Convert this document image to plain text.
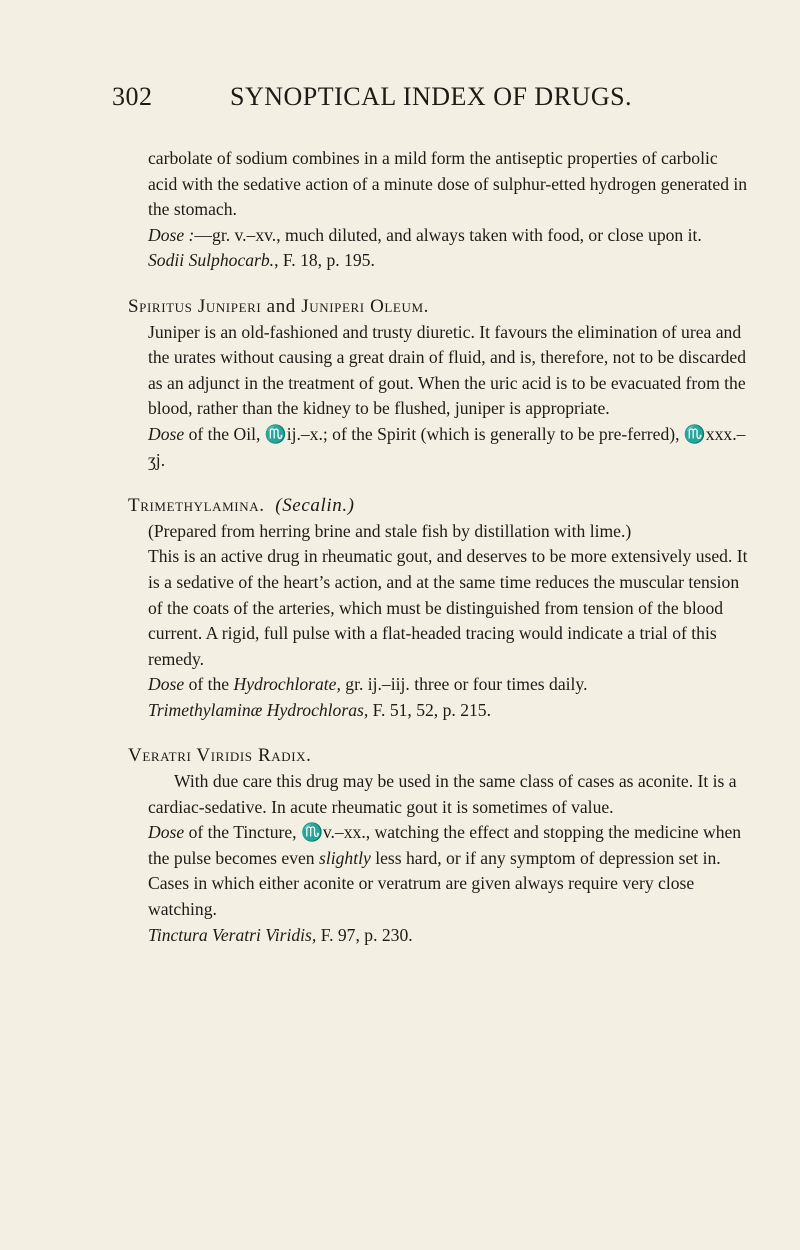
302	SYNOPTICAL INDEX OF DRUGS.

carbolate of sodium combines in a mild form the antiseptic properties of carbolic acid with the sedative action of a minute dose of sulphur-etted hydrogen generated in the stomach.

Dose :—gr. v.–xv., much diluted, and always taken with food, or close upon it.

Sodii Sulphocarb., F. 18, p. 195.

Spiritus Juniperi and Juniperi Oleum.

Juniper is an old-fashioned and trusty diuretic. It favours the elimination of urea and the urates without causing a great drain of fluid, and is, therefore, not to be discarded as an adjunct in the treatment of gout. When the uric acid is to be evacuated from the blood, rather than the kidney to be flushed, juniper is appropriate.

Dose of the Oil, ♏ij.–x.; of the Spirit (which is generally to be pre-ferred), ♏xxx.–ʒj.

Trimethylamina. (Secalin.)

(Prepared from herring brine and stale fish by distillation with lime.)

This is an active drug in rheumatic gout, and deserves to be more extensively used. It is a sedative of the heart’s action, and at the same time reduces the muscular tension of the coats of the arteries, which must be distinguished from tension of the blood current. A rigid, full pulse with a flat-headed tracing would indicate a trial of this remedy.

Dose of the Hydrochlorate, gr. ij.–iij. three or four times daily.

Trimethylaminæ Hydrochloras, F. 51, 52, p. 215.

Veratri Viridis Radix.

With due care this drug may be used in the same class of cases as aconite. It is a cardiac-sedative. In acute rheumatic gout it is sometimes of value.

Dose of the Tincture, ♏v.–xx., watching the effect and stopping the medicine when the pulse becomes even slightly less hard, or if any symptom of depression set in. Cases in which either aconite or veratrum are given always require very close watching.

Tinctura Veratri Viridis, F. 97, p. 230.
